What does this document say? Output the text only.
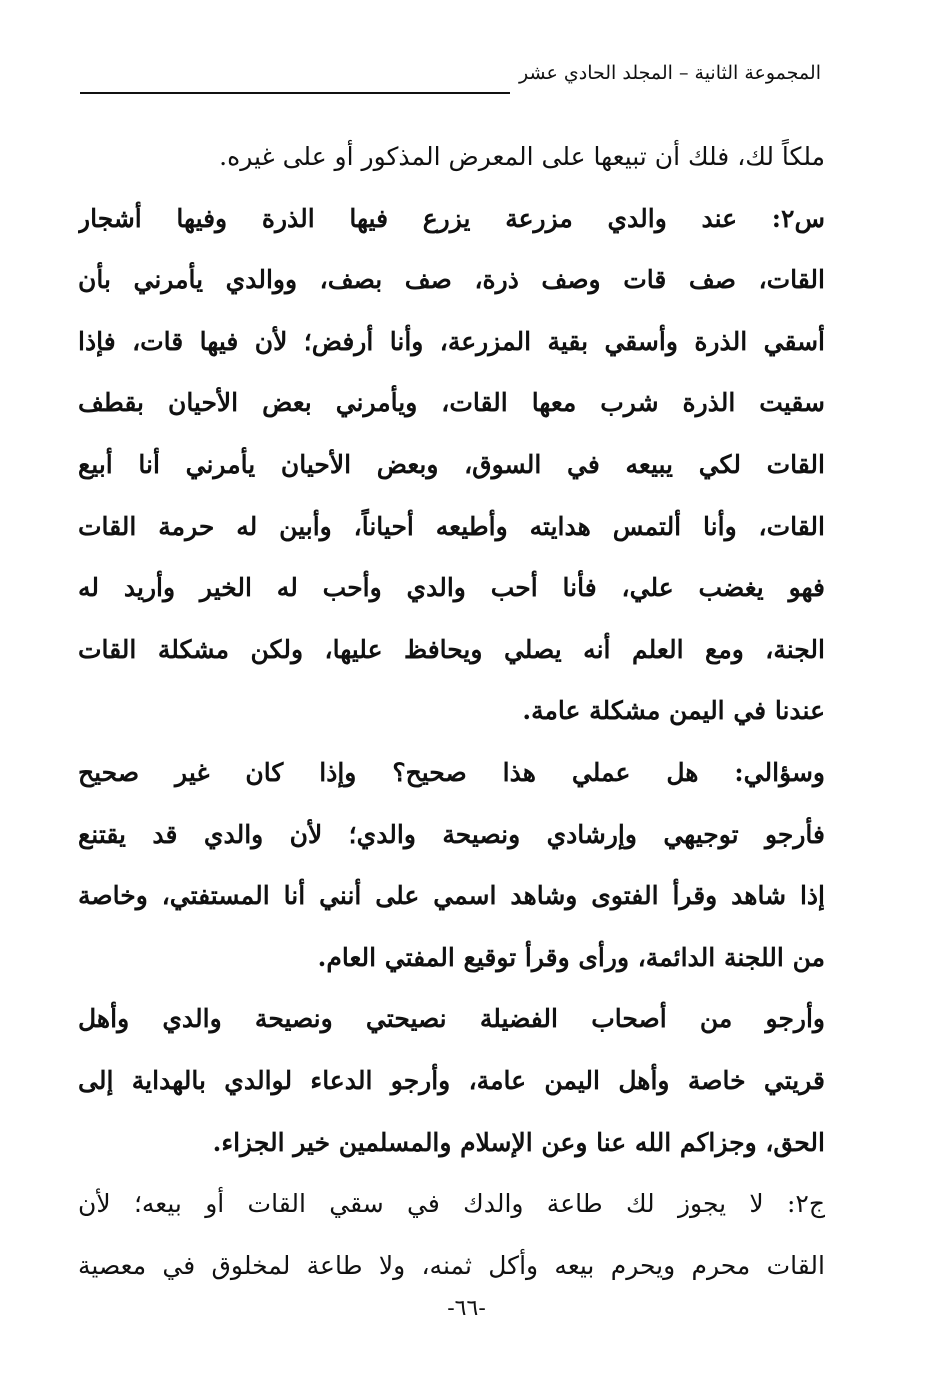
المجموعة الثانية – المجلد الحادي عشر
ملكاً لك، فلك أن تبيعها على المعرض المذكور أو على غيره.
س٢: عند والدي مزرعة يزرع فيها الذرة وفيها أشجار
القات، صف قات وصف ذرة، صف بصف، ووالدي يأمرني بأن
أسقي الذرة وأسقي بقية المزرعة، وأنا أرفض؛ لأن فيها قات، فإذا
سقيت الذرة شرب معها القات، ويأمرني بعض الأحيان بقطف
القات لكي يبيعه في السوق، وبعض الأحيان يأمرني أنا أبيع
القات، وأنا ألتمس هدايته وأطيعه أحياناً، وأبين له حرمة القات
فهو يغضب علي، فأنا أحب والدي وأحب له الخير وأريد له
الجنة، ومع العلم أنه يصلي ويحافظ عليها، ولكن مشكلة القات
عندنا في اليمن مشكلة عامة.
وسؤالي: هل عملي هذا صحيح؟ وإذا كان غير صحيح
فأرجو توجيهي وإرشادي ونصيحة والدي؛ لأن والدي قد يقتنع
إذا شاهد وقرأ الفتوى وشاهد اسمي على أنني أنا المستفتي، وخاصة
من اللجنة الدائمة، ورأى وقرأ توقيع المفتي العام.
وأرجو من أصحاب الفضيلة نصيحتي ونصيحة والدي وأهل
قريتي خاصة وأهل اليمن عامة، وأرجو الدعاء لوالدي بالهداية إلى
الحق، وجزاكم الله عنا وعن الإسلام والمسلمين خير الجزاء.
ج٢: لا يجوز لك طاعة والدك في سقي القات أو بيعه؛ لأن
القات محرم ويحرم بيعه وأكل ثمنه، ولا طاعة لمخلوق في معصية
-٦٦-
